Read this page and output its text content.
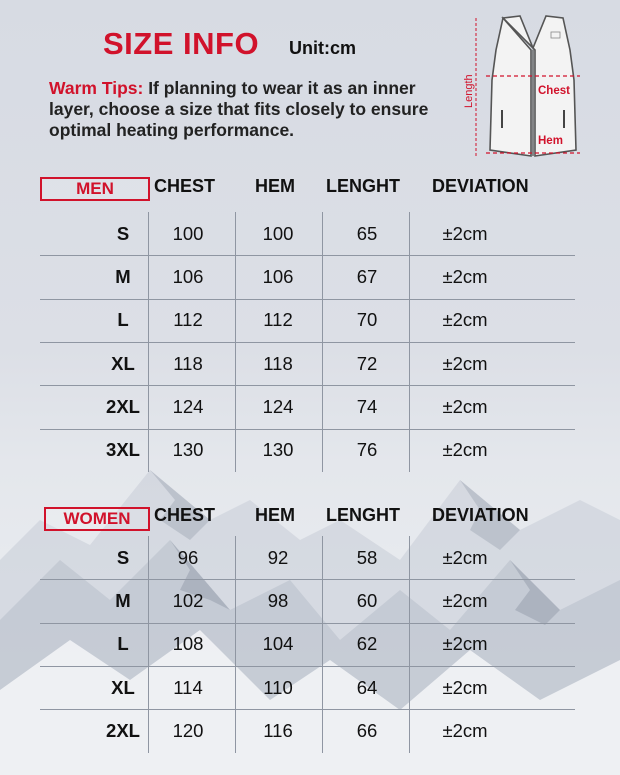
SIZE INFO Unit:cm
Warm Tips: If planning to wear it as an inner layer, choose a size that fits closely to ensure optimal heating performance.
Length	Chest
Hem
MEN	CHEST HEM LENGHT DEVIATION
S	100	100	65	±2cm
M	106	106	67	±2cm
L	112	112	70	±2cm
XL	118	118	72	±2cm
2XL	124	124	74	±2cm
3XL	130	130	76	±2cm
WOMEN	CHEST HEM LENGHT DEVIATION
S	96	92	58	±2cm
M	102	98	60	±2cm
L	108	104	62	±2cm
XL	114	110	64	±2cm
2XL	120	116	66	±2cm
